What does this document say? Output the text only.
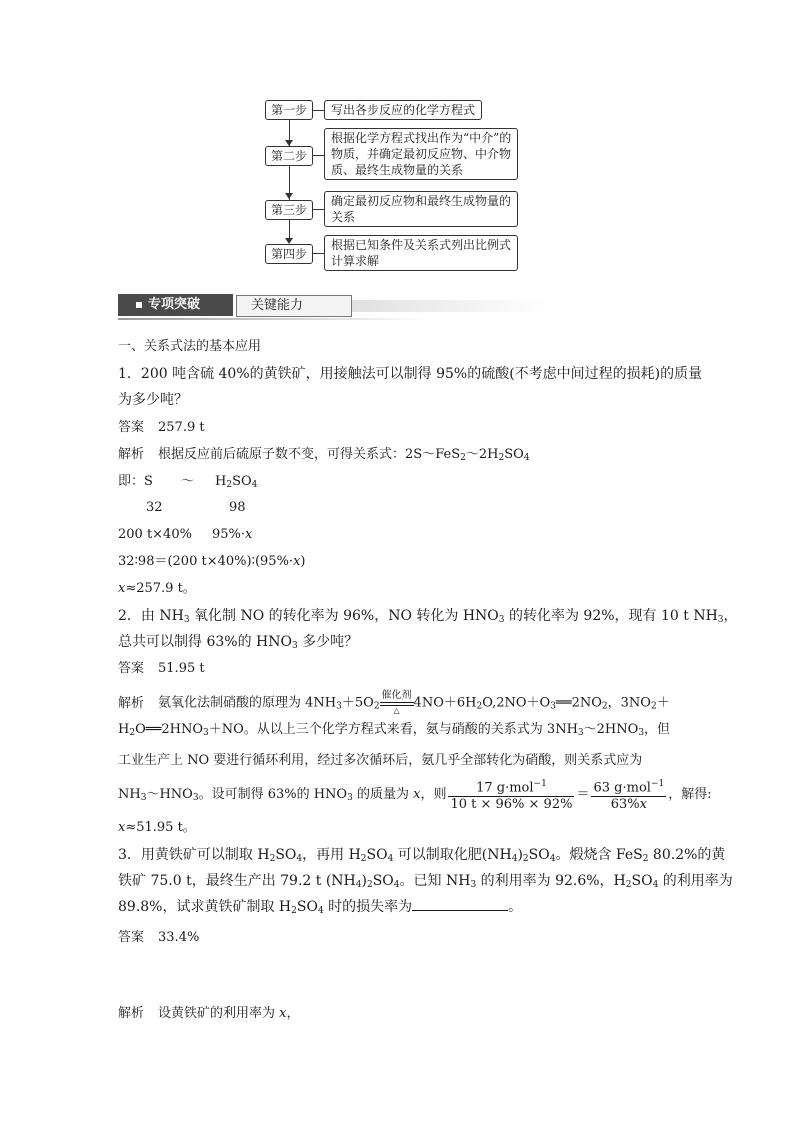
第一步	写出各步反应的化学方程式
第二步
根据化学方程式找出作为“中介”的
物质，并确定最初反应物、中介物
质、最终生成物量的关系
第三步
确定最初反应物和最终生成物量的
关系
第四步
根据已知条件及关系式列出比例式
计算求解
专项突破	关键能力
一、关系式法的基本应用
1．200 吨含硫 40%的黄铁矿，用接触法可以制得 95%的硫酸(不考虑中间过程的损耗)的质量
为多少吨？
答案 257.9 t
解析 根据反应前后硫原子数不变，可得关系式：$2S\sim FeS_2\sim 2H_2SO_4$
即：S ～ $H_2SO_4$
32	98
200 t×40% 95%·x
32∶98＝(200 t×40%)∶(95%·x)
x≈257.9 t。
2．由 $NH_3$ 氧化制 NO 的转化率为 96%，NO 转化为 $HNO_3$ 的转化率为 92%，现有 10 t $NH_3$，
总共可以制得 63%的 $HNO_3$ 多少吨？
答案 51.95 t
解析 氨氧化法制硝酸的原理为 $4NH_3+5O_2$
催化剂
△	$4NO+6H_2O,2NO+O_3══2NO_2$，$3NO_2+$
$H_2O══2HNO_3+NO$。从以上三个化学方程式来看，氨与硝酸的关系式为 $3NH_3\sim 2HNO_3$，但
工业生产上 NO 要进行循环利用，经过多次循环后，氨几乎全部转化为硝酸，则关系式应为
$NH_3\sim HNO_3$。设可制得 63%的 $HNO_3$ 的质量为 x，则 $\frac{17 g\cdot mol^{-1}}{10 t \times 96\% \times 92\%} = \frac{63 g\cdot mol^{-1}}{63\%x}$ ，解得:
x≈51.95 t。
3．用黄铁矿可以制取 $H_2SO_4$，再用 $H_2SO_4$ 可以制取化肥$(NH_4)_2SO_4$。煅烧含 FeS$_2$ 80.2%的黄
铁矿 75.0 t，最终生产出 79.2 t $(NH_4)_2SO_4$。已知 $NH_3$ 的利用率为 92.6%，$H_2SO_4$ 的利用率为
89.8%，试求黄铁矿制取 $H_2SO_4$ 时的损失率为	。
答案 33.4%
解析 设黄铁矿的利用率为 x，
